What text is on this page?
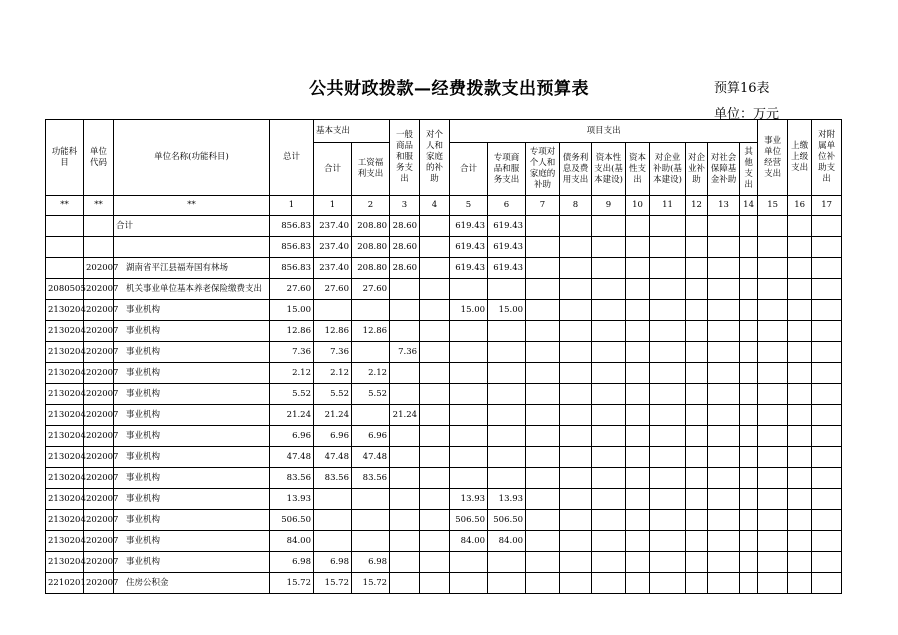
公共财政拨款—经费拨款支出预算表	预算16表
单位：万元
功能科目	单位代码	单位名称(功能科目)	总计	基本支出		一般商品和服务支出	对个人和家庭的补助	项目支出										事业单位经营支出	上缴上级支出	对附属单位补助支出
				合计	工资福利支出			合计	专项商品和服务支出	专项对个人和家庭的补助	债务利息及费用支出	资本性支出(基本建设)	资本性支出	对企业补助(基本建设)	对企业补助	对社会保障基金补助	其他支出			
**	**	**	1	1	2	3	4	5	6	7	8	9	10	11	12	13	14	15	16	17
		合计	856.83	237.40	208.80	28.60		619.43	619.43											
			856.83	237.40	208.80	28.60		619.43	619.43											
	202007	湖南省平江县福寿国有林场	856.83	237.40	208.80	28.60		619.43	619.43											
2080505	202007	机关事业单位基本养老保险缴费支出	27.60	27.60	27.60															
2130204	202007	事业机构	15.00					15.00	15.00											
2130204	202007	事业机构	12.86	12.86	12.86															
2130204	202007	事业机构	7.36	7.36		7.36														
2130204	202007	事业机构	2.12	2.12	2.12															
2130204	202007	事业机构	5.52	5.52	5.52															
2130204	202007	事业机构	21.24	21.24		21.24														
2130204	202007	事业机构	6.96	6.96	6.96															
2130204	202007	事业机构	47.48	47.48	47.48															
2130204	202007	事业机构	83.56	83.56	83.56															
2130204	202007	事业机构	13.93					13.93	13.93											
2130204	202007	事业机构	506.50					506.50	506.50											
2130204	202007	事业机构	84.00					84.00	84.00											
2130204	202007	事业机构	6.98	6.98	6.98															
2210201	202007	住房公积金	15.72	15.72	15.72															
